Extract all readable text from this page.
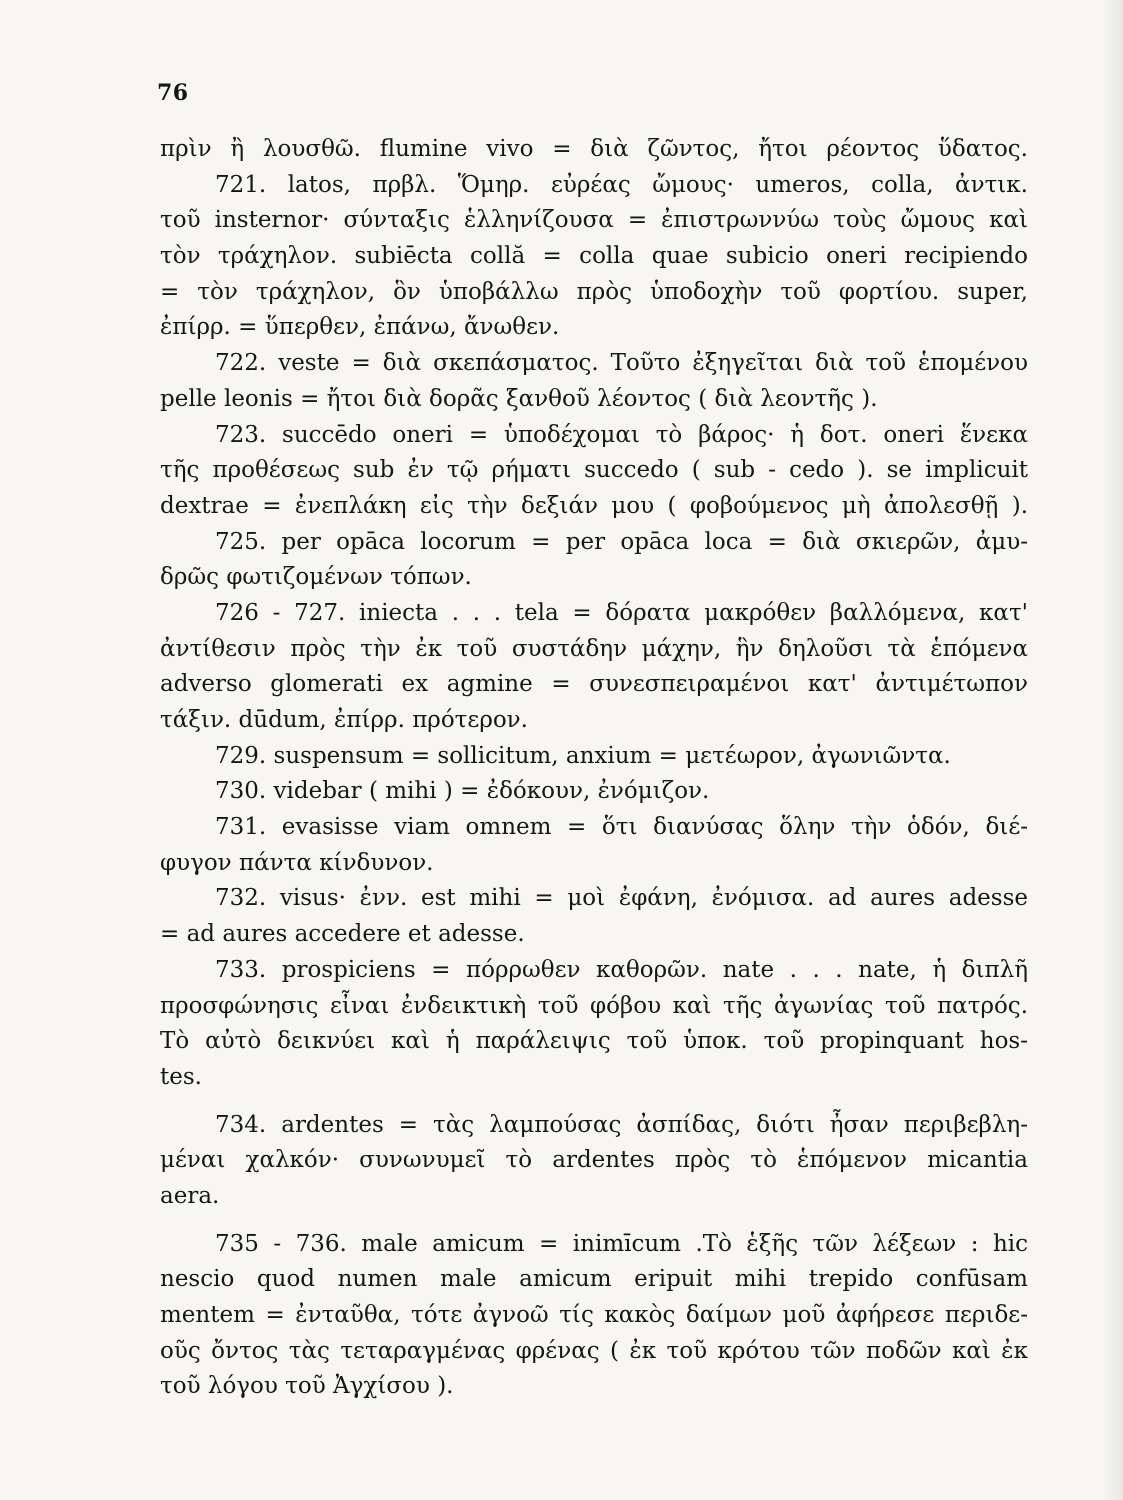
76
πρὶν ἢ λουσθῶ. flumine vivo = διὰ ζῶντος, ἤτοι ρέοντος ὕδατος.
721. latos, πρβλ. Ὅμηρ. εὐρέας ὤμους· umeros, colla, ἀντικ.
τοῦ insternor· σύνταξις ἑλληνίζουσα = ἐπιστρωννύω τοὺς ὤμους καὶ
τὸν τράχηλον. subiēcta collă = colla quae subicio oneri recipiendo
= τὸν τράχηλον, ὃν ὑποβάλλω πρὸς ὑποδοχὴν τοῦ φορτίου. super,
ἐπίρρ. = ὕπερθεν, ἐπάνω, ἄνωθεν.
722. veste = διὰ σκεπάσματος. Τοῦτο ἐξηγεῖται διὰ τοῦ ἑπομένου
pelle leonis = ἤτοι διὰ δορᾶς ξανθοῦ λέοντος ( διὰ λεοντῆς ).
723. succēdo oneri = ὑποδέχομαι τὸ βάρος· ἡ δοτ. oneri ἕνεκα
τῆς προθέσεως sub ἐν τῷ ρήματι succedo ( sub - cedo ). se implicuit
dextrae = ἐνεπλάκη εἰς τὴν δεξιάν μου ( φοβούμενος μὴ ἀπολεσθῇ ).
725. per opāca locorum = per opāca loca = διὰ σκιερῶν, ἀμυ-
δρῶς φωτιζομένων τόπων.
726 - 727. iniecta . . . tela = δόρατα μακρόθεν βαλλόμενα, κατ'
ἀντίθεσιν πρὸς τὴν ἐκ τοῦ συστάδην μάχην, ἣν δηλοῦσι τὰ ἑπόμενα
adverso glomerati ex agmine = συνεσπειραμένοι κατ' ἀντιμέτωπον
τάξιν. dūdum, ἐπίρρ. πρότερον.
729. suspensum = sollicitum, anxium = μετέωρον, ἀγωνιῶντα.
730. videbar ( mihi ) = ἐδόκουν, ἐνόμιζον.
731. evasisse viam omnem = ὅτι διανύσας ὅλην τὴν ὁδόν, διέ-
φυγον πάντα κίνδυνον.
732. visus· ἐνν. est mihi = μοὶ ἐφάνη, ἐνόμισα. ad aures adesse
= ad aures accedere et adesse.
733. prospiciens = πόρρωθεν καθορῶν. nate . . . nate, ἡ διπλῆ
προσφώνησις εἶναι ἐνδεικτικὴ τοῦ φόβου καὶ τῆς ἀγωνίας τοῦ πατρός.
Τὸ αὐτὸ δεικνύει καὶ ἡ παράλειψις τοῦ ὑποκ. τοῦ propinquant hos-
tes.
734. ardentes = τὰς λαμπούσας ἀσπίδας, διότι ἦσαν περιβεβλη-
μέναι χαλκόν· συνωνυμεῖ τὸ ardentes πρὸς τὸ ἑπόμενον micantia
aera.
735 - 736. male amicum = inimīcum .Τὸ ἑξῆς τῶν λέξεων : hic
nescio quod numen male amicum eripuit mihi trepido confūsam
mentem = ἐνταῦθα, τότε ἀγνοῶ τίς κακὸς δαίμων μοῦ ἀφήρεσε περιδε-
οῦς ὄντος τὰς τεταραγμένας φρένας ( ἐκ τοῦ κρότου τῶν ποδῶν καὶ ἐκ
τοῦ λόγου τοῦ Ἀγχίσου ).
